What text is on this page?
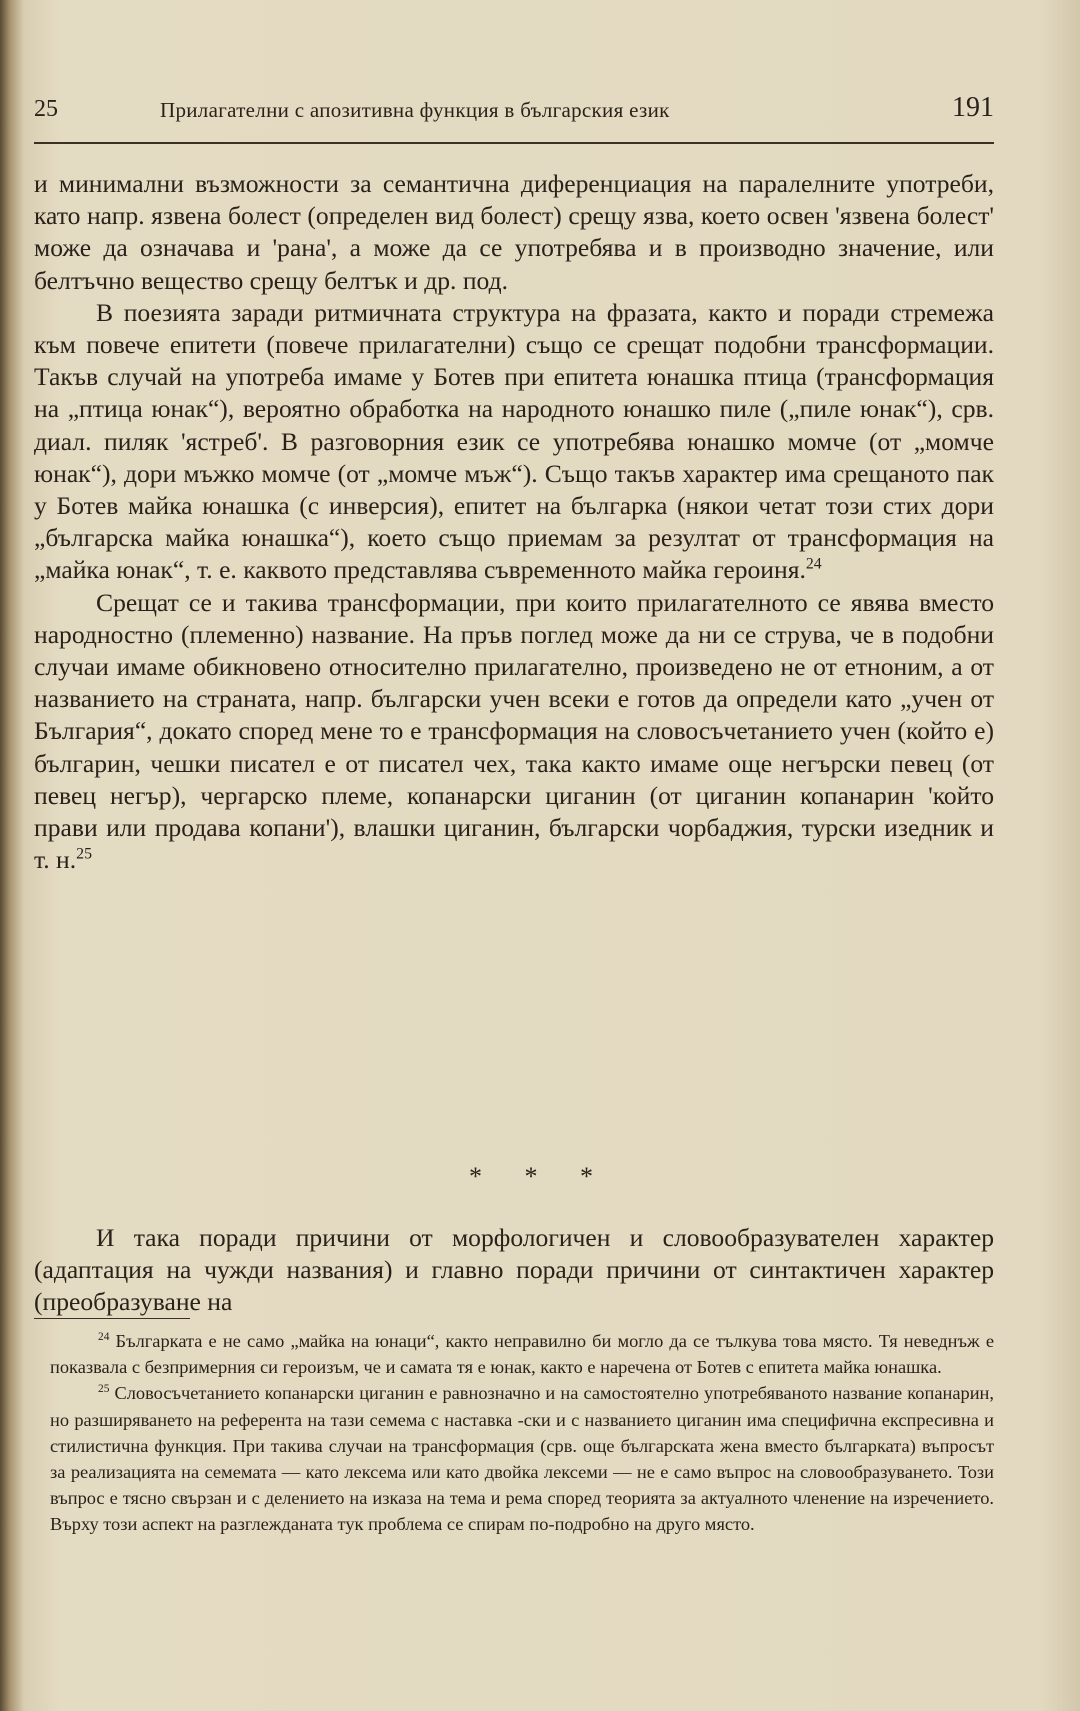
25	Прилагателни с апозитивна функция в българския език	191

и минимални възможности за семантична диференциация на паралелните употреби, като напр. язвена болест (определен вид болест) срещу язва, което освен 'язвена болест' може да означава и 'рана', а може да се употребява и в производно значение, или белтъчно вещество срещу белтък и др. под.

В поезията заради ритмичната структура на фразата, както и поради стремежа към повече епитети (повече прилагателни) също се срещат подобни трансформации. Такъв случай на употреба имаме у Ботев при епитета юнашка птица (трансформация на „птица юнак“), вероятно обработка на народното юнашко пиле („пиле юнак“), срв. диал. пиляк 'ястреб'. В разговорния език се употребява юнашко момче (от „момче юнак“), дори мъжко момче (от „момче мъж“). Също такъв характер има срещаното пак у Ботев майка юнашка (с инверсия), епитет на българка (някои четат този стих дори „българска майка юнашка“), което също приемам за резултат от трансформация на „майка юнак“, т. е. каквото представлява съвременното майка героиня.$^{24}$

Срещат се и такива трансформации, при които прилагателното се явява вместо народностно (племенно) название. На пръв поглед може да ни се струва, че в подобни случаи имаме обикновено относително прилагателно, произведено не от етноним, а от названието на страната, напр. български учен всеки е готов да определи като „учен от България“, докато според мене то е трансформация на словосъчетанието учен (който е) българин, чешки писател е от писател чех, така както имаме още негърски певец (от певец негър), чергарско племе, копанарски циганин (от циганин копанарин 'който прави или продава копани'), влашки циганин, български чорбаджия, турски изедник и т. н.$^{25}$

* * *

И така поради причини от морфологичен и словообразувателен характер (адаптация на чужди названия) и главно поради причини от синтактичен характер (преобразуване на

$^{24}$ Българката е не само „майка на юнаци“, както неправилно би могло да се тълкува това място. Тя неведнъж е показвала с безпримерния си героизъм, че и самата тя е юнак, както е наречена от Ботев с епитета майка юнашка.

$^{25}$ Словосъчетанието копанарски циганин е равнозначно и на самостоятелно употребяваното название копанарин, но разширяването на референта на тази семема с наставка -ски и с названието циганин има специфична експресивна и стилистична функция. При такива случаи на трансформация (срв. още българската жена вместо българката) въпросът за реализацията на семемата — като лексема или като двойка лексеми — не е само въпрос на словообразуването. Този въпрос е тясно свързан и с делението на изказа на тема и рема според теорията за актуалното членение на изречението. Върху този аспект на разглежданата тук проблема се спирам по-подробно на друго място.
